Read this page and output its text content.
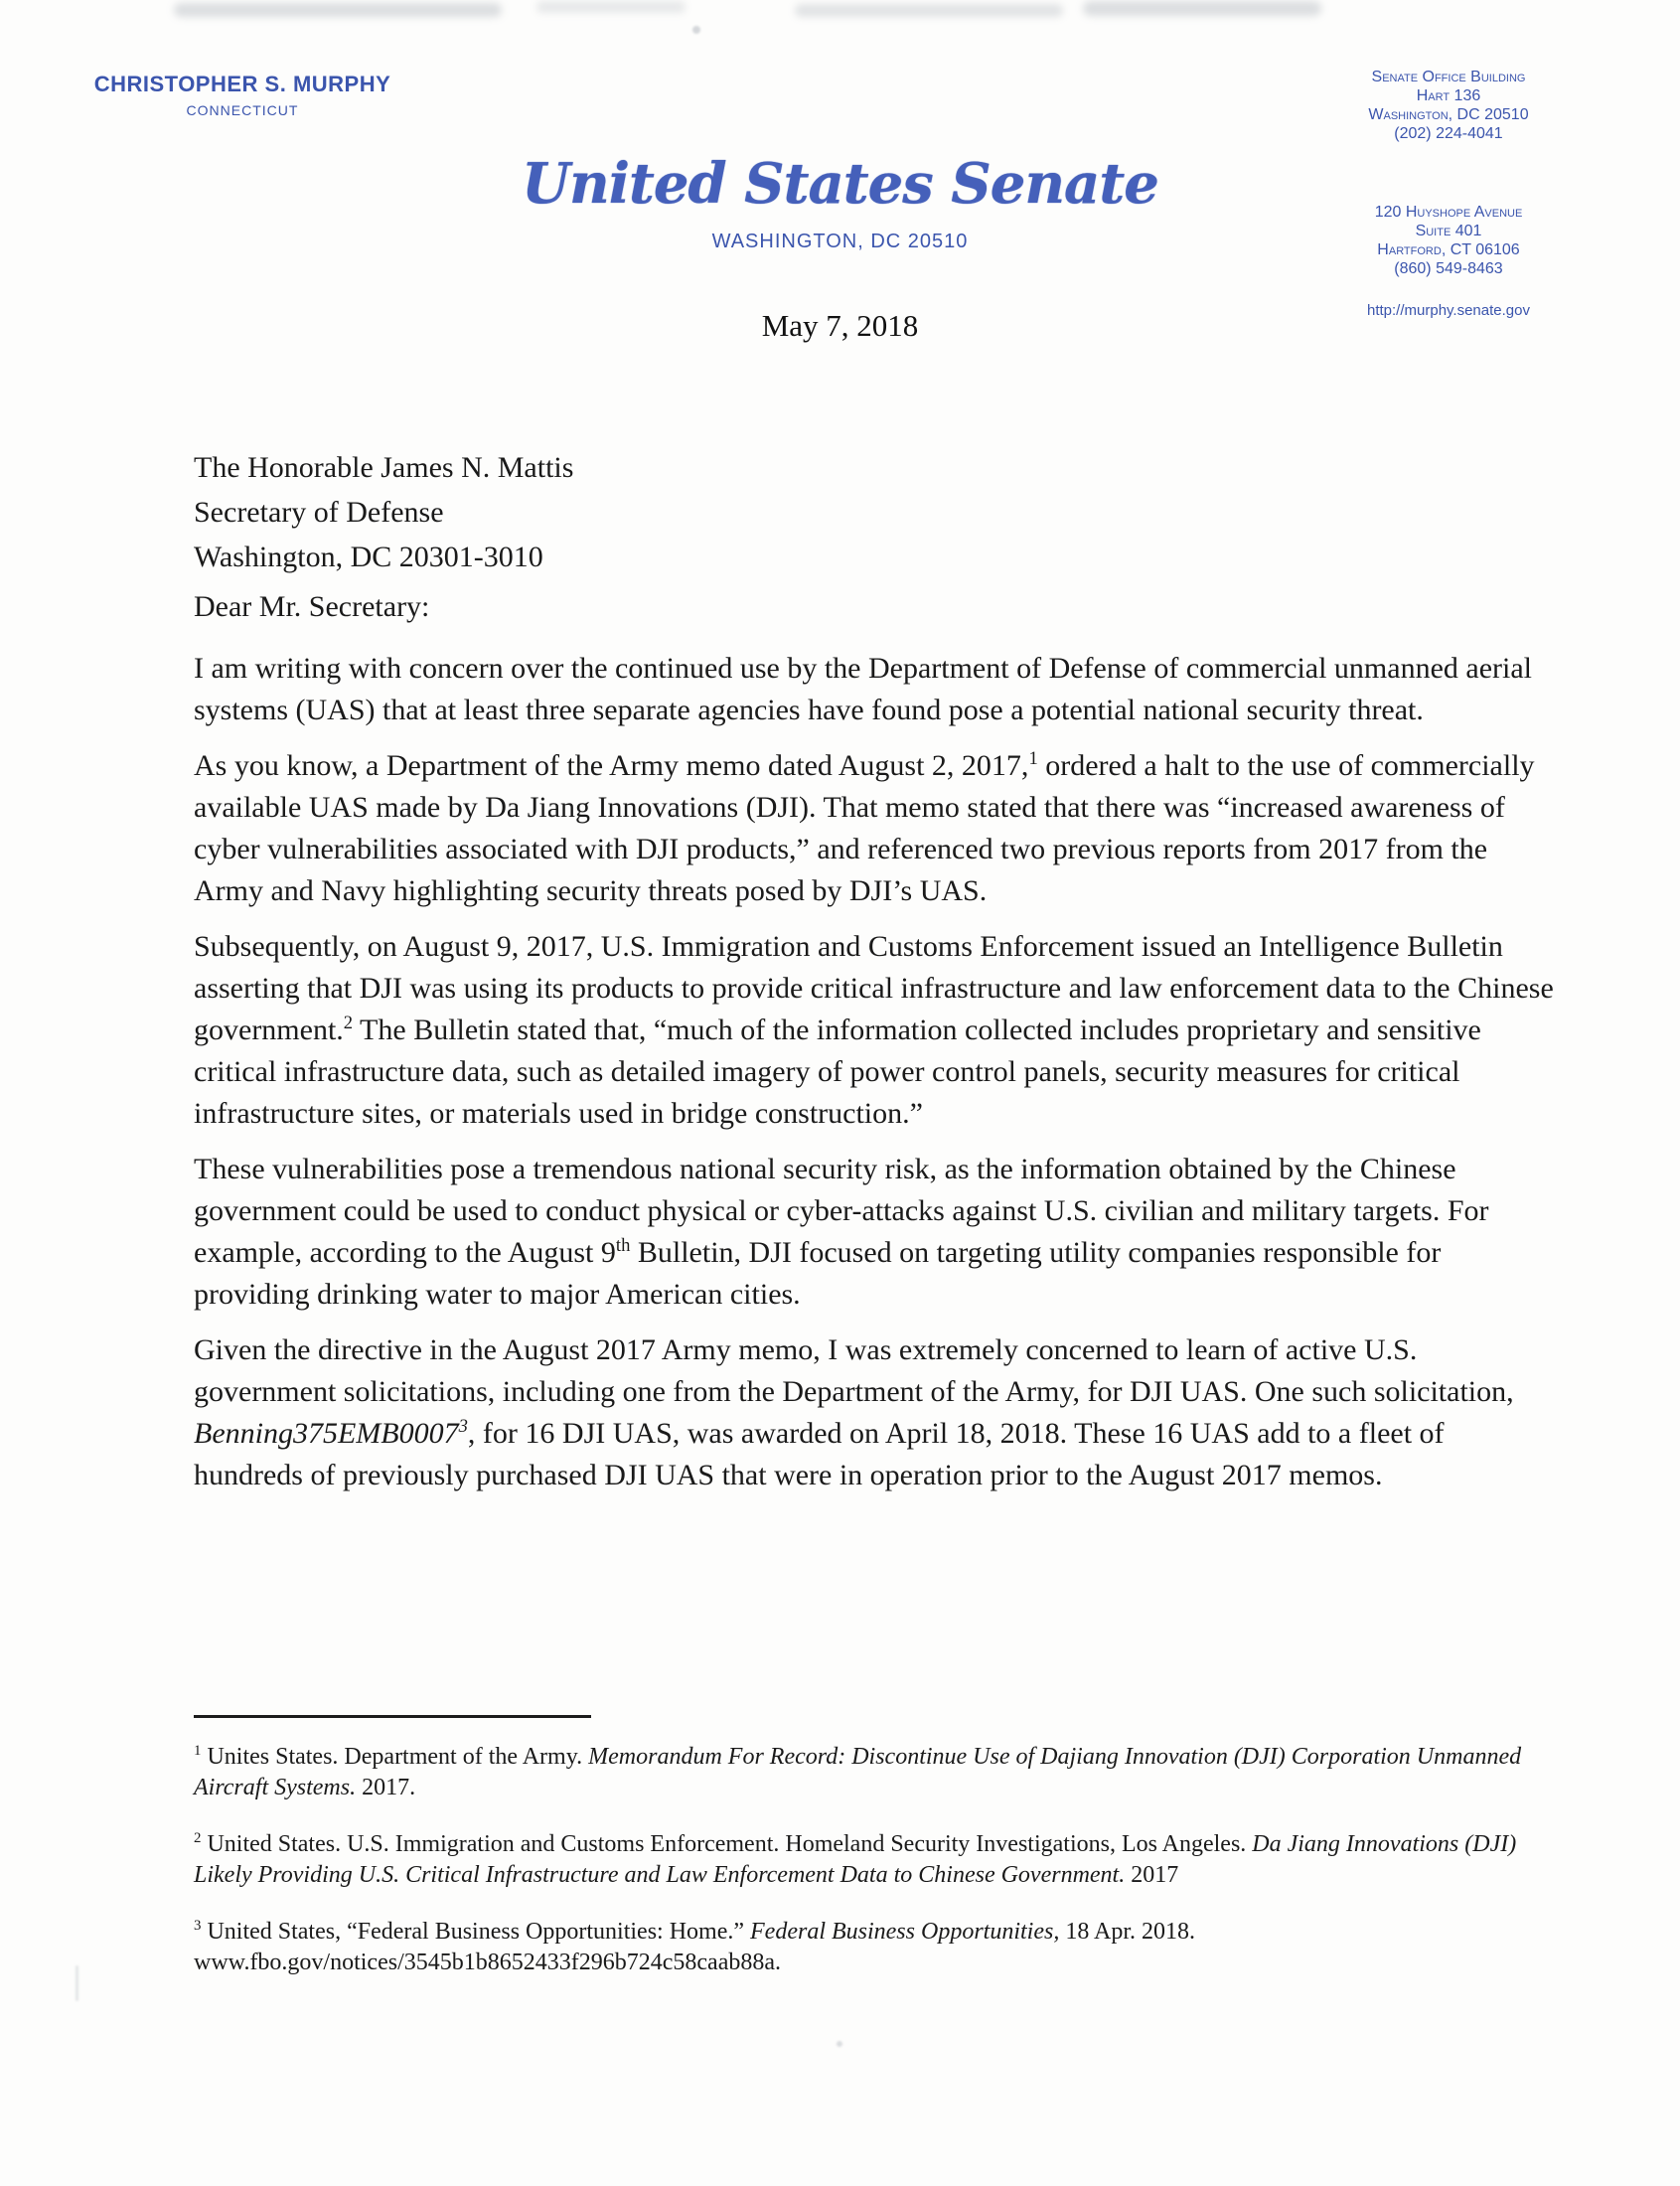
CHRISTOPHER S. MURPHY
CONNECTICUT
United States Senate
WASHINGTON, DC 20510
Senate Office Building
Hart 136
Washington, DC 20510
(202) 224-4041
120 Huyshope Avenue
Suite 401
Hartford, CT 06106
(860) 549-8463
http://murphy.senate.gov
May 7, 2018
The Honorable James N. Mattis
Secretary of Defense
Washington, DC 20301-3010
Dear Mr. Secretary:

I am writing with concern over the continued use by the Department of Defense of commercial unmanned aerial systems (UAS) that at least three separate agencies have found pose a potential national security threat.

As you know, a Department of the Army memo dated August 2, 2017,$^1$ ordered a halt to the use of commercially available UAS made by Da Jiang Innovations (DJI). That memo stated that there was “increased awareness of cyber vulnerabilities associated with DJI products,” and referenced two previous reports from 2017 from the Army and Navy highlighting security threats posed by DJI’s UAS.

Subsequently, on August 9, 2017, U.S. Immigration and Customs Enforcement issued an Intelligence Bulletin asserting that DJI was using its products to provide critical infrastructure and law enforcement data to the Chinese government.$^2$ The Bulletin stated that, “much of the information collected includes proprietary and sensitive critical infrastructure data, such as detailed imagery of power control panels, security measures for critical infrastructure sites, or materials used in bridge construction.”

These vulnerabilities pose a tremendous national security risk, as the information obtained by the Chinese government could be used to conduct physical or cyber-attacks against U.S. civilian and military targets. For example, according to the August 9th Bulletin, DJI focused on targeting utility companies responsible for providing drinking water to major American cities.

Given the directive in the August 2017 Army memo, I was extremely concerned to learn of active U.S. government solicitations, including one from the Department of the Army, for DJI UAS. One such solicitation, Benning375EMB0007$^3$, for 16 DJI UAS, was awarded on April 18, 2018. These 16 UAS add to a fleet of hundreds of previously purchased DJI UAS that were in operation prior to the August 2017 memos.

$^1$ Unites States. Department of the Army. Memorandum For Record: Discontinue Use of Dajiang Innovation (DJI) Corporation Unmanned Aircraft Systems. 2017.

$^2$ United States. U.S. Immigration and Customs Enforcement. Homeland Security Investigations, Los Angeles. Da Jiang Innovations (DJI) Likely Providing U.S. Critical Infrastructure and Law Enforcement Data to Chinese Government. 2017

$^3$ United States, “Federal Business Opportunities: Home.” Federal Business Opportunities, 18 Apr. 2018. www.fbo.gov/notices/3545b1b8652433f296b724c58caab88a.
